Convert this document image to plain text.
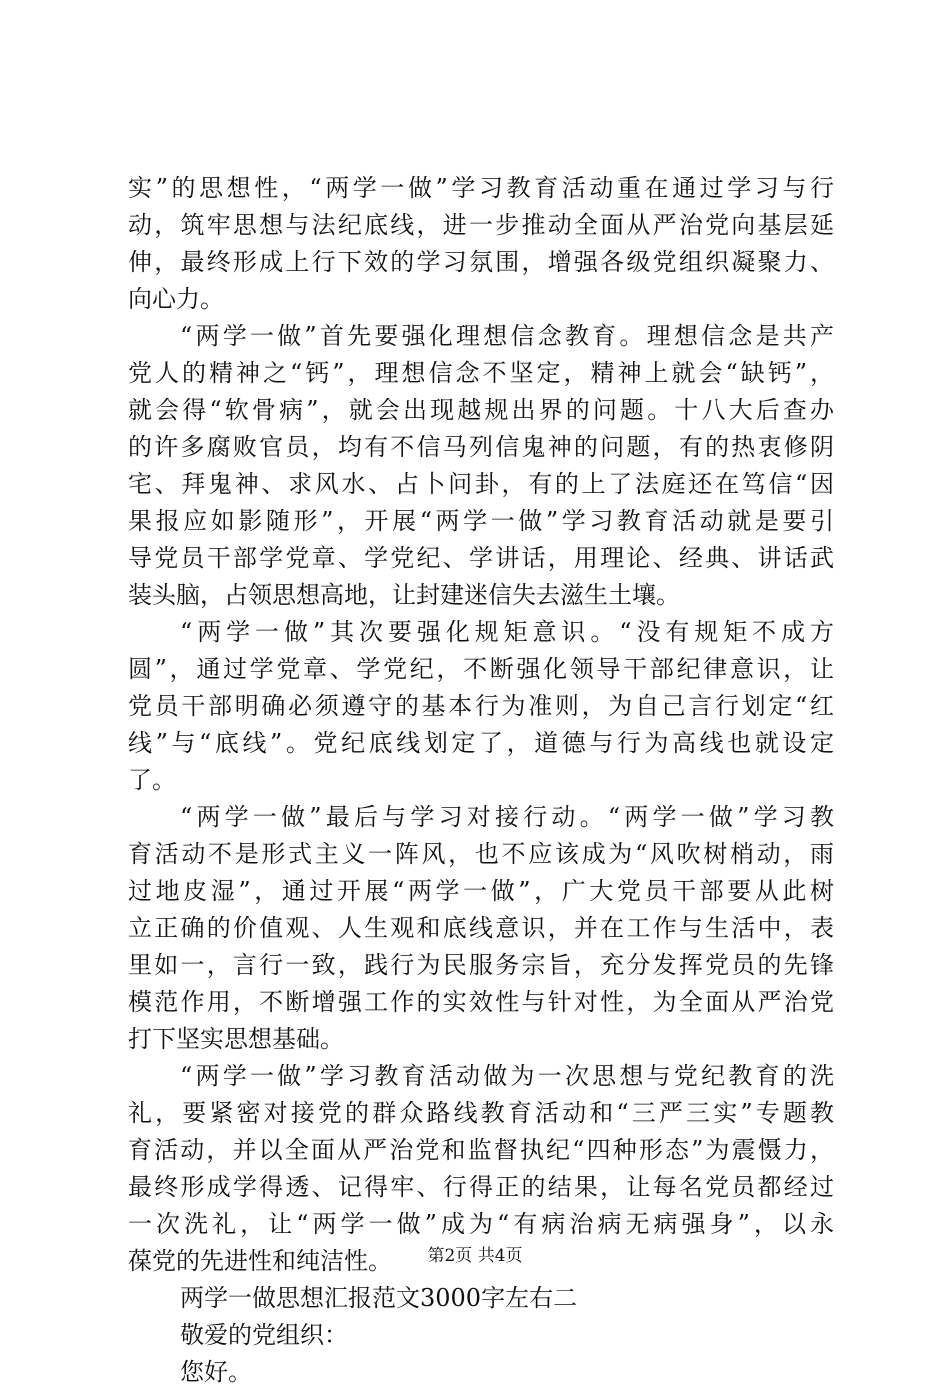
实”的思想性，“两学一做”学习教育活动重在通过学习与行
动，筑牢思想与法纪底线，进一步推动全面从严治党向基层延
伸，最终形成上行下效的学习氛围，增强各级党组织凝聚力、
向心力。
“两学一做”首先要强化理想信念教育。理想信念是共产
党人的精神之“钙”，理想信念不坚定，精神上就会“缺钙”，
就会得“软骨病”，就会出现越规出界的问题。十八大后查办
的许多腐败官员，均有不信马列信鬼神的问题，有的热衷修阴
宅、拜鬼神、求风水、占卜问卦，有的上了法庭还在笃信“因
果报应如影随形”，开展“两学一做”学习教育活动就是要引
导党员干部学党章、学党纪、学讲话，用理论、经典、讲话武
装头脑，占领思想高地，让封建迷信失去滋生土壤。
“两学一做”其次要强化规矩意识。“没有规矩不成方
圆”，通过学党章、学党纪，不断强化领导干部纪律意识，让
党员干部明确必须遵守的基本行为准则，为自己言行划定“红
线”与“底线”。党纪底线划定了，道德与行为高线也就设定
了。
“两学一做”最后与学习对接行动。“两学一做”学习教
育活动不是形式主义一阵风，也不应该成为“风吹树梢动，雨
过地皮湿”，通过开展“两学一做”，广大党员干部要从此树
立正确的价值观、人生观和底线意识，并在工作与生活中，表
里如一，言行一致，践行为民服务宗旨，充分发挥党员的先锋
模范作用，不断增强工作的实效性与针对性，为全面从严治党
打下坚实思想基础。
“两学一做”学习教育活动做为一次思想与党纪教育的洗
礼，要紧密对接党的群众路线教育活动和“三严三实”专题教
育活动，并以全面从严治党和监督执纪“四种形态”为震慑力，
最终形成学得透、记得牢、行得正的结果，让每名党员都经过
一次洗礼，让“两学一做”成为“有病治病无病强身”，以永
葆党的先进性和纯洁性。
两学一做思想汇报范文3000字左右二
敬爱的党组织：
您好。
第2页 共4页
